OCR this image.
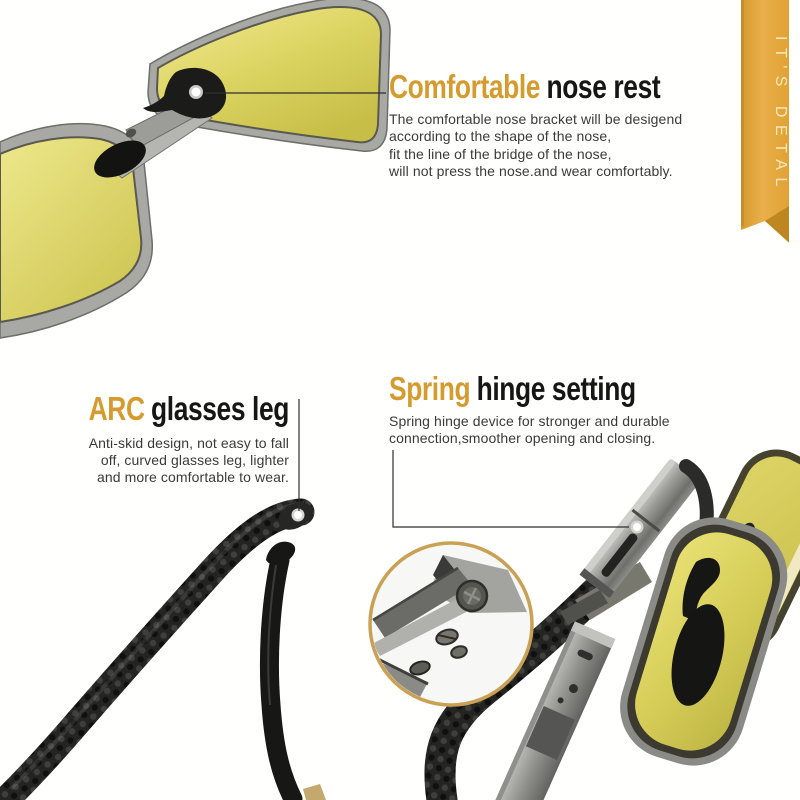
IT'S DETAL
Comfortable nose rest
The comfortable nose bracket will be desigend
according to the shape of the nose,
fit the line of the bridge of the nose,
will not press the nose.and wear comfortably.
ARC glasses leg
Anti-skid design, not easy to fall
off, curved glasses leg, lighter
and more comfortable to wear.
Spring hinge setting
Spring hinge device for stronger and durable
connection,smoother opening and closing.
